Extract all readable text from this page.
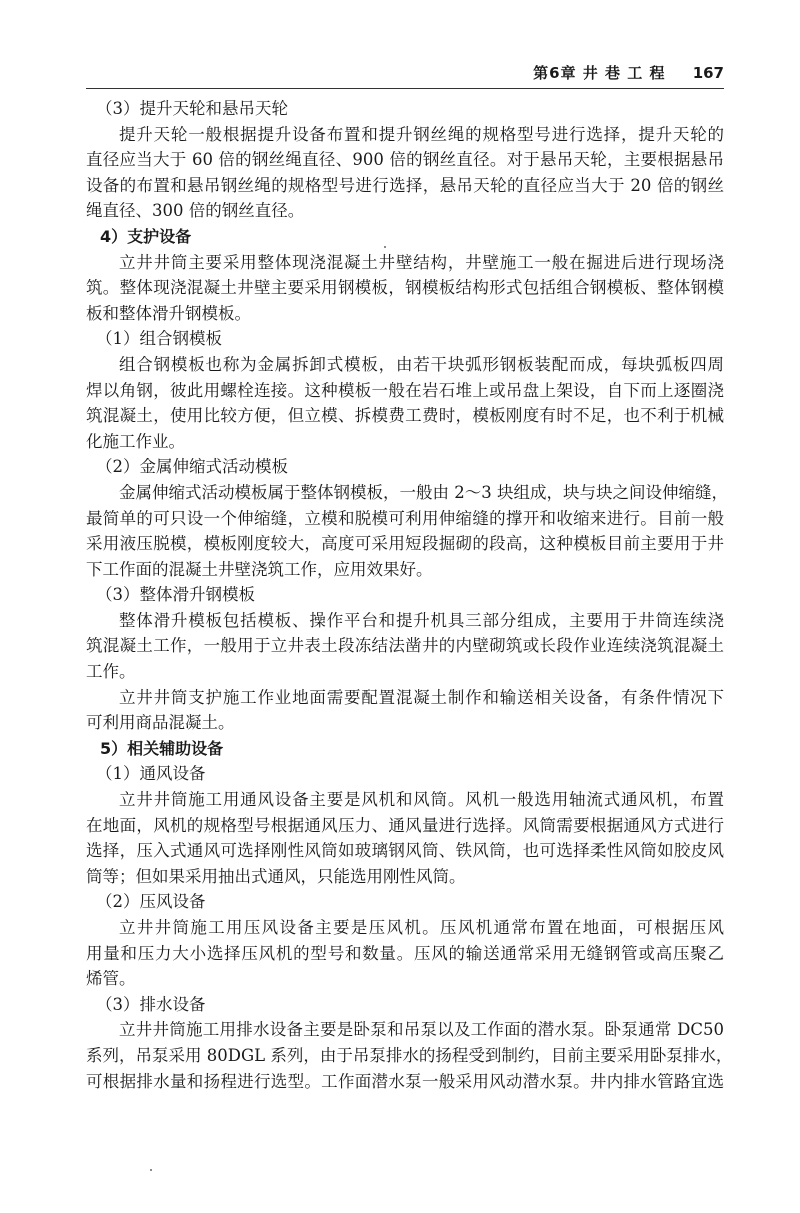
第6章 井 巷 工 程 167
（3）提升天轮和悬吊天轮
提升天轮一般根据提升设备布置和提升钢丝绳的规格型号进行选择，提升天轮的
直径应当大于 60 倍的钢丝绳直径、900 倍的钢丝直径。对于悬吊天轮，主要根据悬吊
设备的布置和悬吊钢丝绳的规格型号进行选择，悬吊天轮的直径应当大于 20 倍的钢丝
绳直径、300 倍的钢丝直径。
4）支护设备
立井井筒主要采用整体现浇混凝土井壁结构，井壁施工一般在掘进后进行现场浇
筑。整体现浇混凝土井壁主要采用钢模板，钢模板结构形式包括组合钢模板、整体钢模
板和整体滑升钢模板。
（1）组合钢模板
组合钢模板也称为金属拆卸式模板，由若干块弧形钢板装配而成，每块弧板四周
焊以角钢，彼此用螺栓连接。这种模板一般在岩石堆上或吊盘上架设，自下而上逐圈浇
筑混凝土，使用比较方便，但立模、拆模费工费时，模板刚度有时不足，也不利于机械
化施工作业。
（2）金属伸缩式活动模板
金属伸缩式活动模板属于整体钢模板，一般由 2～3 块组成，块与块之间设伸缩缝，
最简单的可只设一个伸缩缝，立模和脱模可利用伸缩缝的撑开和收缩来进行。目前一般
采用液压脱模，模板刚度较大，高度可采用短段掘砌的段高，这种模板目前主要用于井
下工作面的混凝土井壁浇筑工作，应用效果好。
（3）整体滑升钢模板
整体滑升模板包括模板、操作平台和提升机具三部分组成，主要用于井筒连续浇
筑混凝土工作，一般用于立井表土段冻结法凿井的内壁砌筑或长段作业连续浇筑混凝土
工作。
立井井筒支护施工作业地面需要配置混凝土制作和输送相关设备，有条件情况下
可利用商品混凝土。
5）相关辅助设备
（1）通风设备
立井井筒施工用通风设备主要是风机和风筒。风机一般选用轴流式通风机，布置
在地面，风机的规格型号根据通风压力、通风量进行选择。风筒需要根据通风方式进行
选择，压入式通风可选择刚性风筒如玻璃钢风筒、铁风筒，也可选择柔性风筒如胶皮风
筒等；但如果采用抽出式通风，只能选用刚性风筒。
（2）压风设备
立井井筒施工用压风设备主要是压风机。压风机通常布置在地面，可根据压风
用量和压力大小选择压风机的型号和数量。压风的输送通常采用无缝钢管或高压聚乙
烯管。
（3）排水设备
立井井筒施工用排水设备主要是卧泵和吊泵以及工作面的潜水泵。卧泵通常 DC50
系列，吊泵采用 80DGL 系列，由于吊泵排水的扬程受到制约，目前主要采用卧泵排水，
可根据排水量和扬程进行选型。工作面潜水泵一般采用风动潜水泵。井内排水管路宜选
